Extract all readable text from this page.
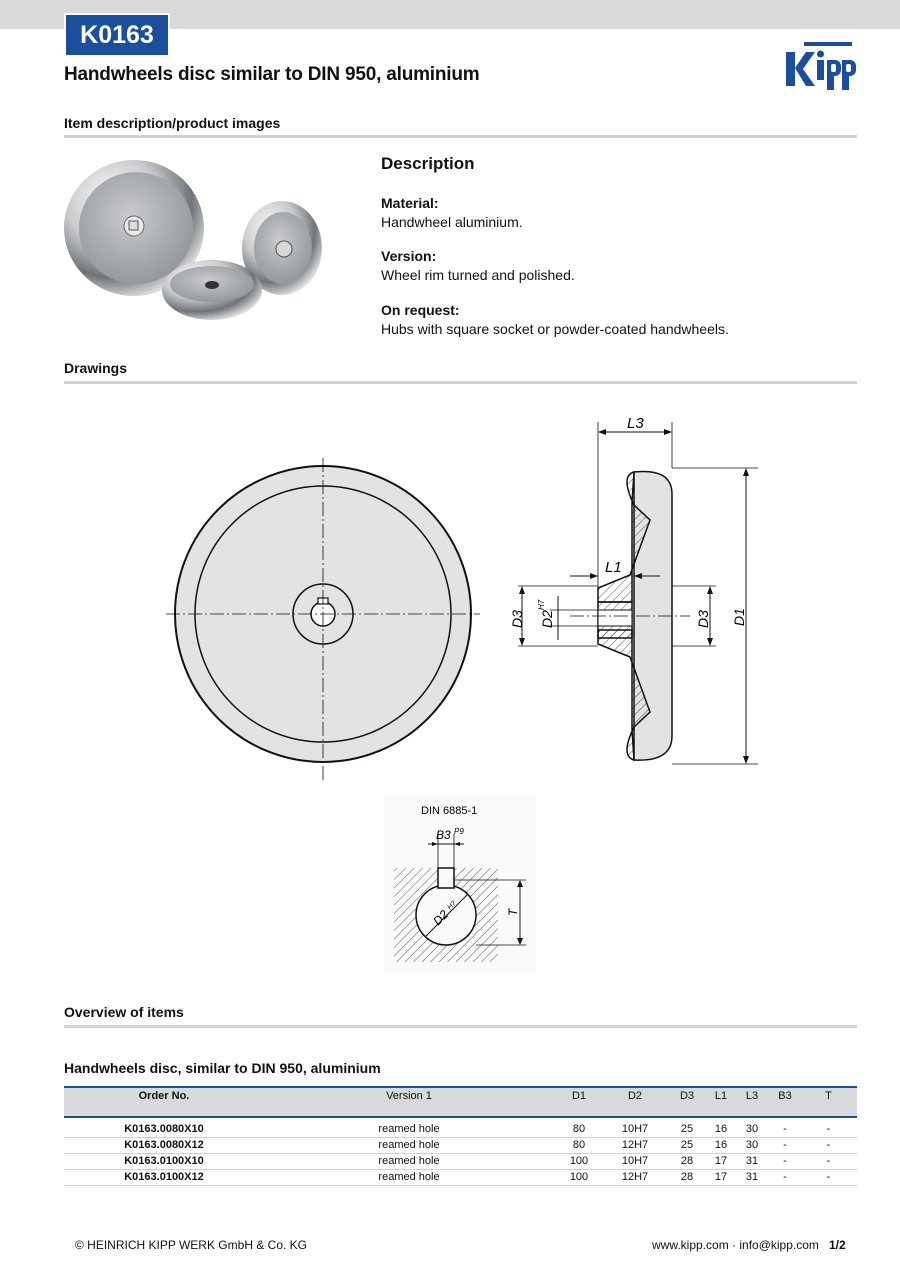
K0163
Handwheels disc similar to DIN 950, aluminium
Item description/product images
Description
Material:
Handwheel aluminium.
Version:
Wheel rim turned and polished.
On request:
Hubs with square socket or powder-coated handwheels.
Drawings
L3
L1
D3 D2
H7
D3 D1
DIN 6885-1
B3 P9
T
D2
H7
Overview of items
Handwheels disc, similar to DIN 950, aluminium
Order No.	Version 1	D1	D2	D3	L1	L3	B3	T

K0163.0080X10	reamed hole	80	10H7	25	16	30	-	-
K0163.0080X12	reamed hole	80	12H7	25	16	30	-	-
K0163.0100X10	reamed hole	100	10H7	28	17	31	-	-
K0163.0100X12	reamed hole	100	12H7	28	17	31	-	-
© HEINRICH KIPP WERK GmbH & Co. KG	www.kipp.com · info@kipp.com 1/2
